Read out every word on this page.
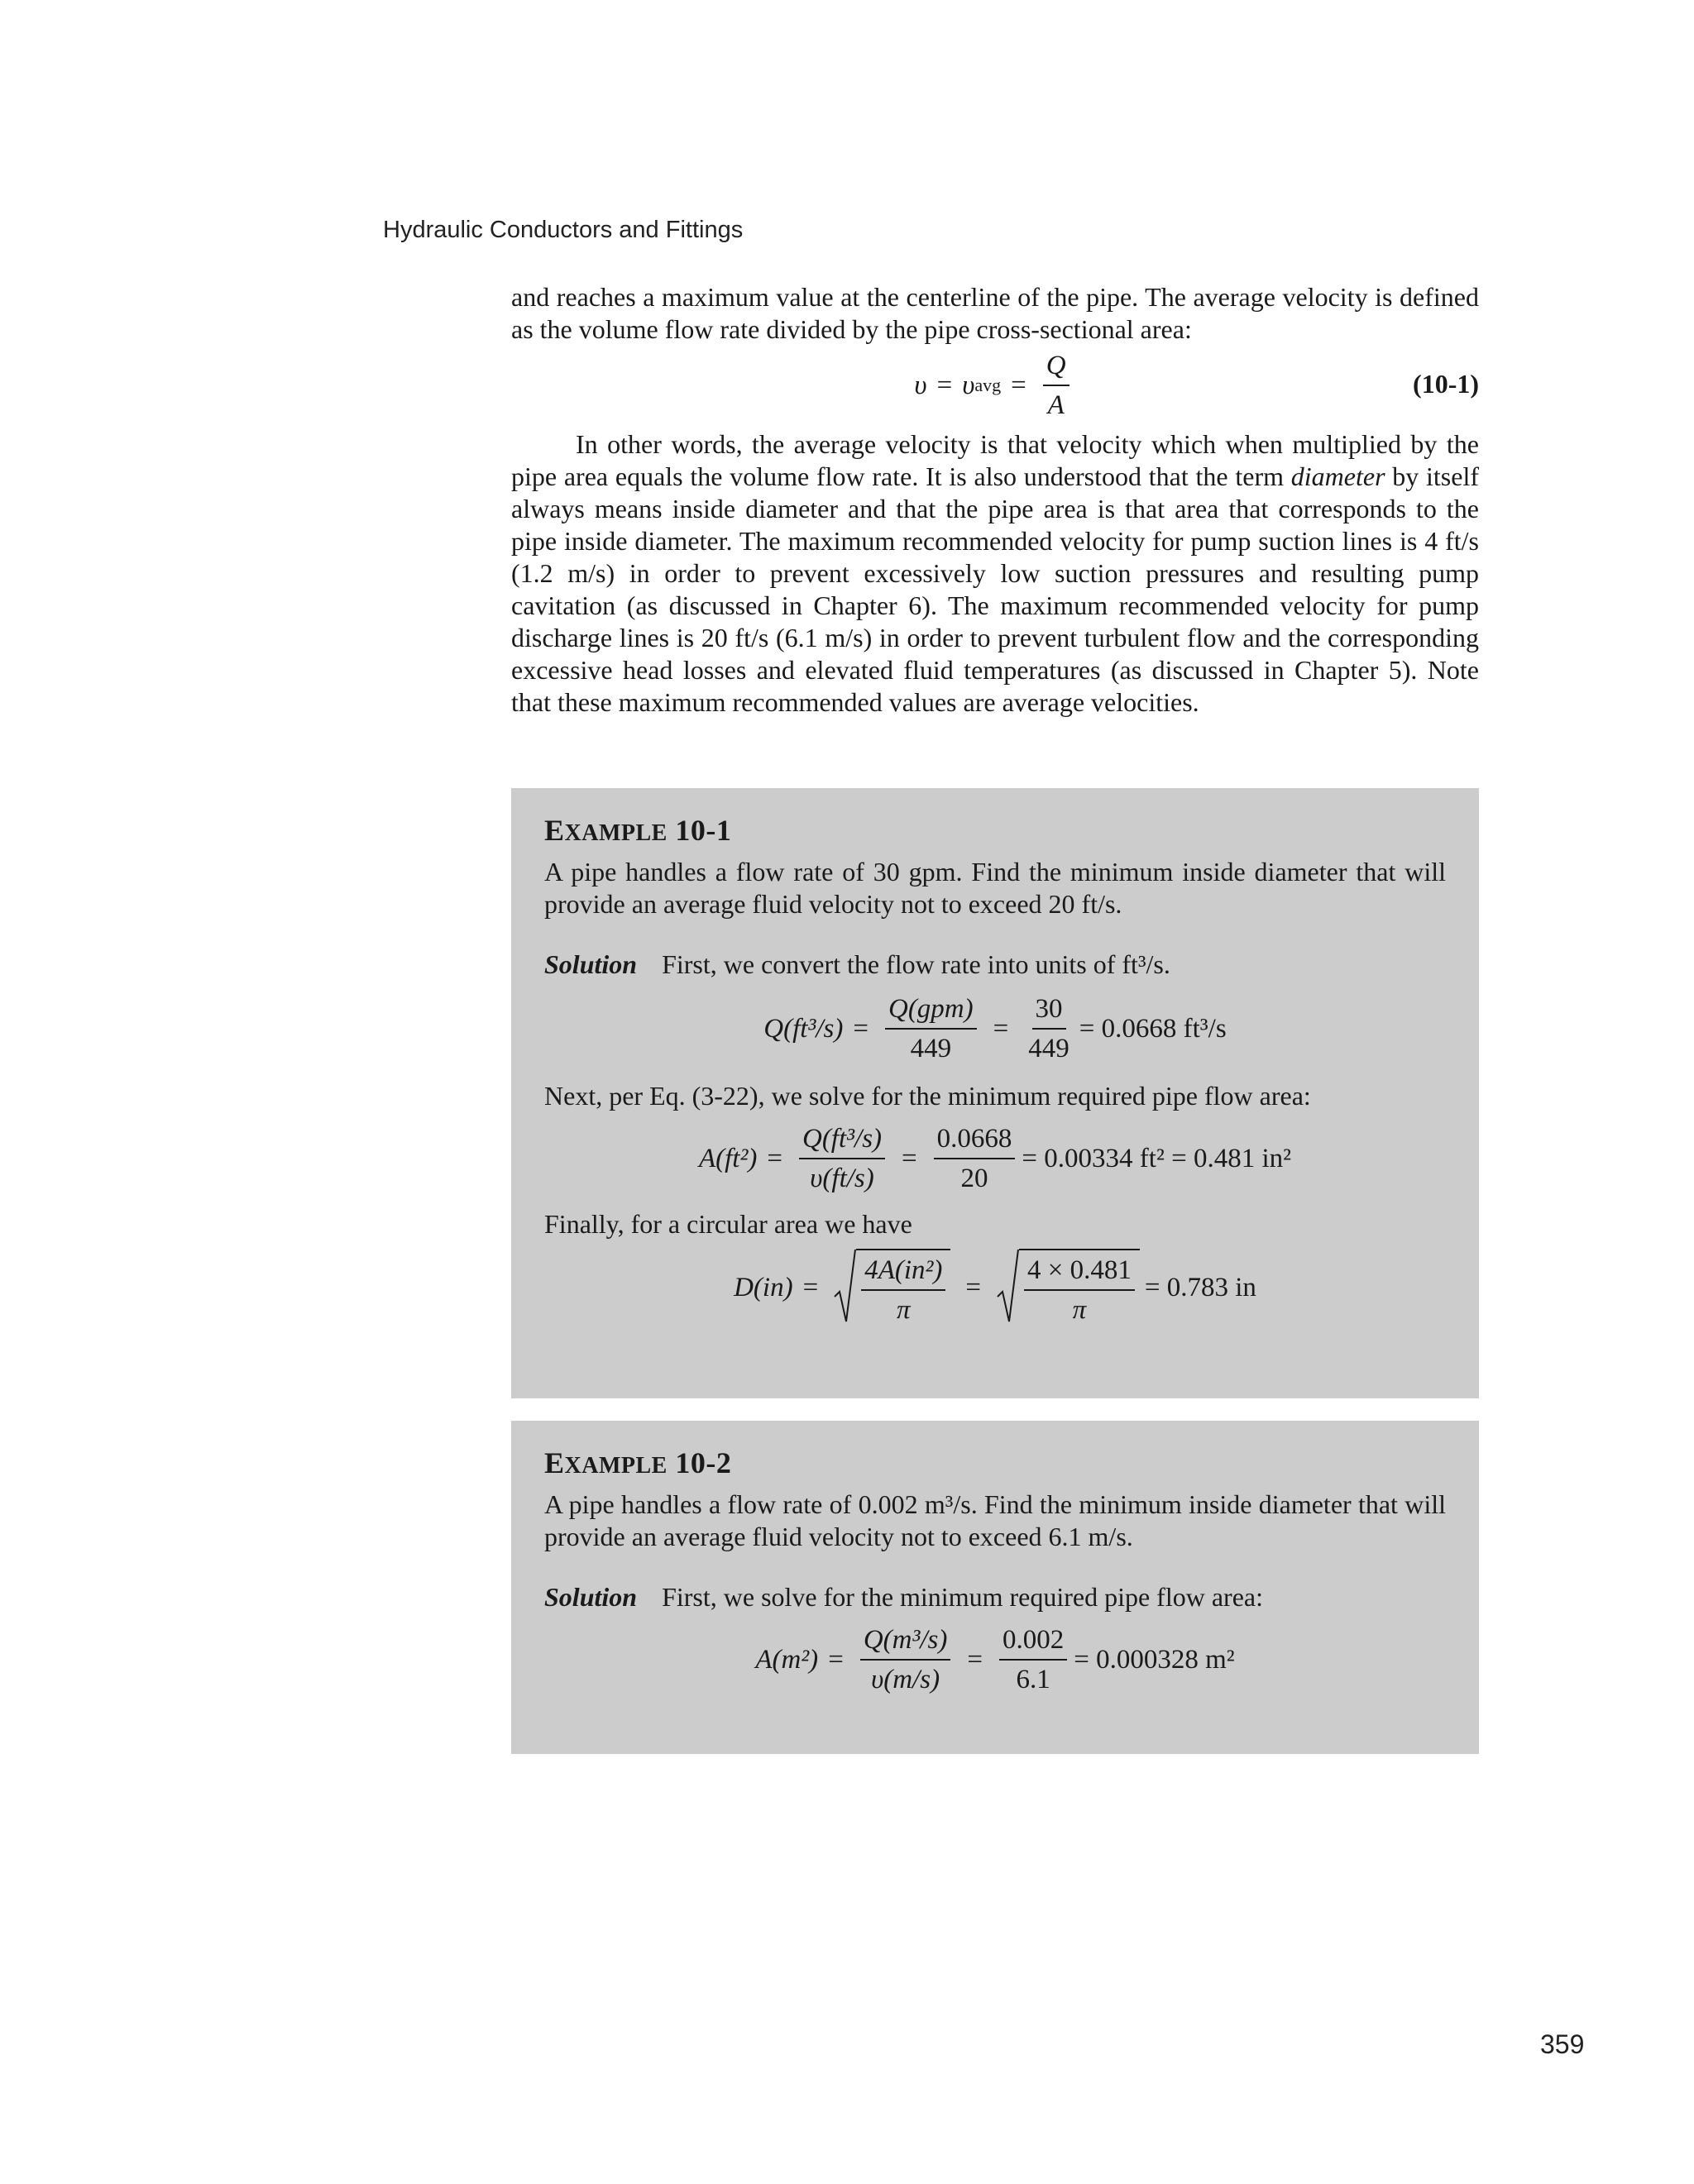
Hydraulic Conductors and Fittings

and reaches a maximum value at the centerline of the pipe. The average velocity is defined as the volume flow rate divided by the pipe cross-sectional area:

υ = υ avg = $\frac{Q}{A}$	(10-1)

In other words, the average velocity is that velocity which when multiplied by the pipe area equals the volume flow rate. It is also understood that the term diameter by itself always means inside diameter and that the pipe area is that area that corresponds to the pipe inside diameter. The maximum recommended velocity for pump suction lines is 4 ft/s (1.2 m/s) in order to prevent excessively low suction pressures and resulting pump cavitation (as discussed in Chapter 6). The maximum recommended velocity for pump discharge lines is 20 ft/s (6.1 m/s) in order to prevent turbulent flow and the corresponding excessive head losses and elevated fluid temperatures (as discussed in Chapter 5). Note that these maximum recommended values are average velocities.

EXAMPLE 10-1

A pipe handles a flow rate of 30 gpm. Find the minimum inside diameter that will provide an average fluid velocity not to exceed 20 ft/s.

Solution First, we convert the flow rate into units of ft³/s.

$Q(ft^3/s) = \frac{\text{Q(gpm)}}{449} = \frac{30}{449} = 0.0668$ ft³/s

Next, per Eq. (3-22), we solve for the minimum required pipe flow area:

$A(ft^2) = \frac{\text{Q(ft³/s)}}{\upsilon(ft/s)} = \frac{0.0668}{20} = 0.00334$ ft² = 0.481 in²

Finally, for a circular area we have

$D(in) = \frac{\text{4A(in²)}}{\pi} = \frac{4 \times 0.481}{\pi} = 0.783$ in
EXAMPLE 10-2

A pipe handles a flow rate of 0.002 m³/s. Find the minimum inside diameter that will provide an average fluid velocity not to exceed 6.1 m/s.

Solution First, we solve for the minimum required pipe flow area:

$A(m^2) = \frac{\text{Q(m³/s)}}{\upsilon(m/s)} = \frac{0.002}{6.1} = 0.000328$ m²
359
